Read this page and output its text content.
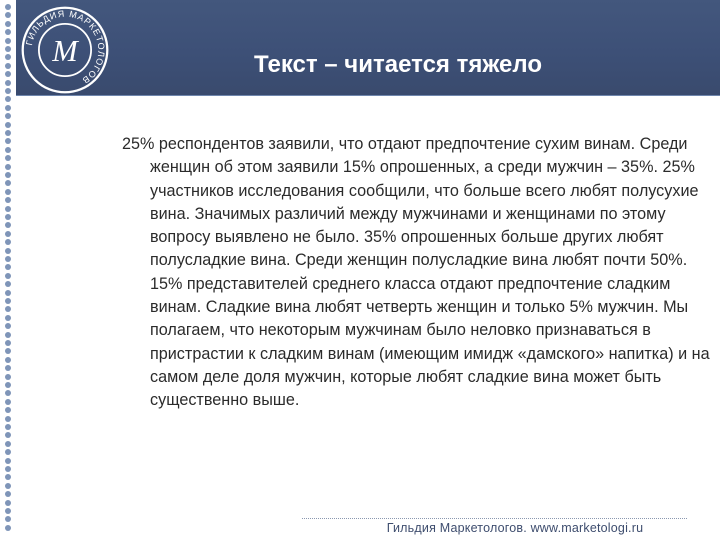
ГИЛЬДИЯ МАРКЕТОЛОГОВ
М	Текст – читается тяжело
25% респондентов заявили, что отдают предпочтение сухим винам. Среди женщин об этом заявили 15% опрошенных, а среди мужчин – 35%. 25% участников исследования сообщили, что больше всего любят полусухие вина. Значимых различий между мужчинами и женщинами по этому вопросу выявлено не было. 35% опрошенных больше других любят полусладкие вина. Среди женщин полусладкие вина любят почти 50%. 15% представителей среднего класса отдают предпочтение сладким винам. Сладкие вина любят четверть женщин и только 5% мужчин. Мы полагаем, что некоторым мужчинам было неловко признаваться в пристрастии к сладким винам (имеющим имидж «дамского» напитка) и на самом деле доля мужчин, которые любят сладкие вина может быть существенно выше.
Гильдия Маркетологов. www.marketologi.ru
